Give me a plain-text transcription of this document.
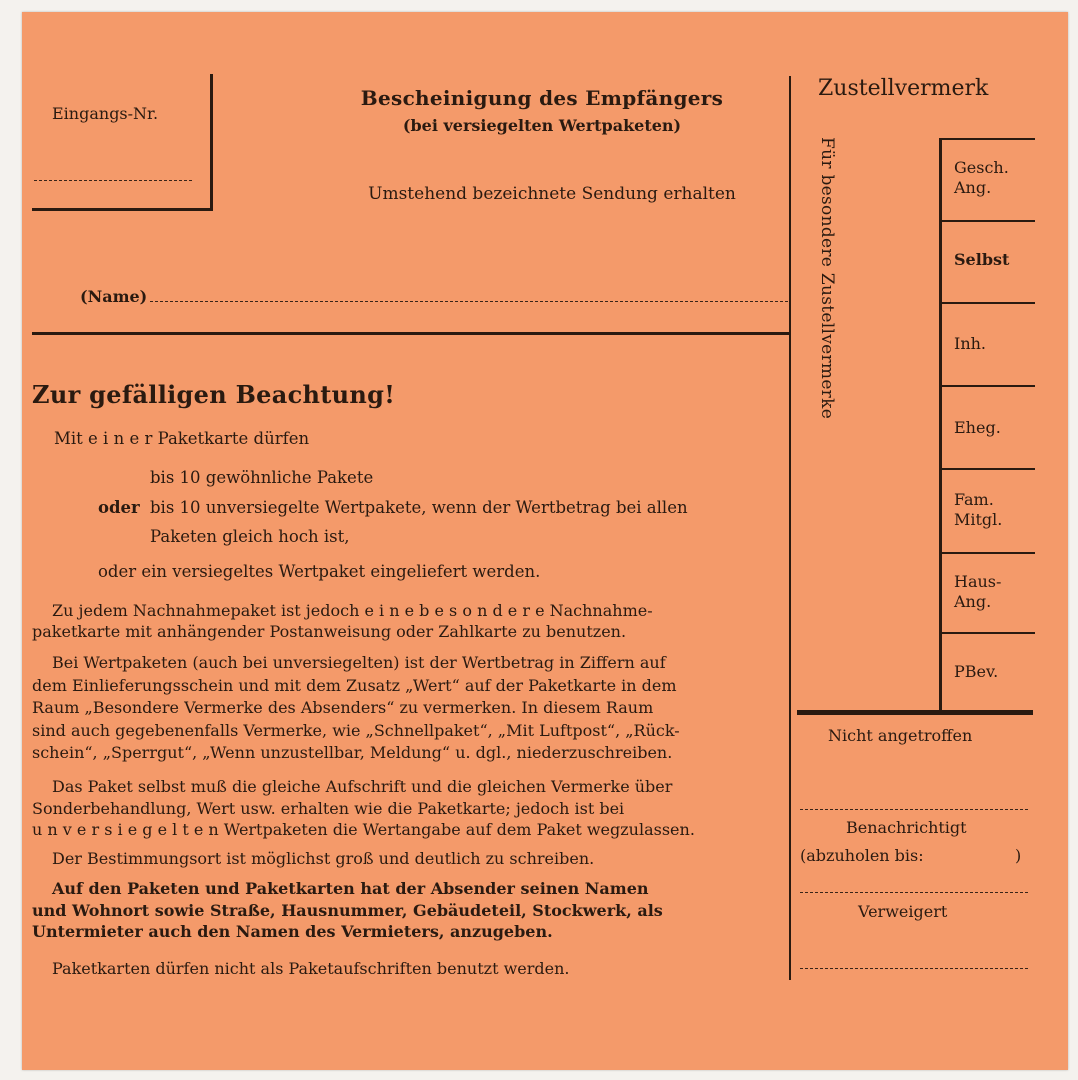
Eingangs-Nr.
Bescheinigung des Empfängers
(bei versiegelten Wertpaketen)
Umstehend bezeichnete Sendung erhalten
(Name)
Zur gefälligen Beachtung!
Mit e i n e r Paketkarte dürfen
bis 10 gewöhnliche Pakete
oder bis 10 unversiegelte Wertpakete, wenn der Wertbetrag bei allen
Paketen gleich hoch ist,
oder ein versiegeltes Wertpaket eingeliefert werden.
Zu jedem Nachnahmepaket ist jedoch e i n e b e s o n d e r e Nachnahme-
paketkarte mit anhängender Postanweisung oder Zahlkarte zu benutzen.
Bei Wertpaketen (auch bei unversiegelten) ist der Wertbetrag in Ziffern auf
dem Einlieferungsschein und mit dem Zusatz „Wert“ auf der Paketkarte in dem
Raum „Besondere Vermerke des Absenders“ zu vermerken. In diesem Raum
sind auch gegebenenfalls Vermerke, wie „Schnellpaket“, „Mit Luftpost“, „Rück-
schein“, „Sperrgut“, „Wenn unzustellbar, Meldung“ u. dgl., niederzuschreiben.
Das Paket selbst muß die gleiche Aufschrift und die gleichen Vermerke über
Sonderbehandlung, Wert usw. erhalten wie die Paketkarte; jedoch ist bei
u n v e r s i e g e l t e n Wertpaketen die Wertangabe auf dem Paket wegzulassen.
Der Bestimmungsort ist möglichst groß und deutlich zu schreiben.
Auf den Paketen und Paketkarten hat der Absender seinen Namen
und Wohnort sowie Straße, Hausnummer, Gebäudeteil, Stockwerk, als
Untermieter auch den Namen des Vermieters, anzugeben.
Paketkarten dürfen nicht als Paketaufschriften benutzt werden.
Zustellvermerk
Für besondere Zustellvermerke	Gesch.
Ang.
Selbst
Inh.
Eheg.
Fam.
Mitgl.
Haus-
Ang.
PBev.
Nicht angetroffen
Benachrichtigt
(abzuholen bis:	)
Verweigert
